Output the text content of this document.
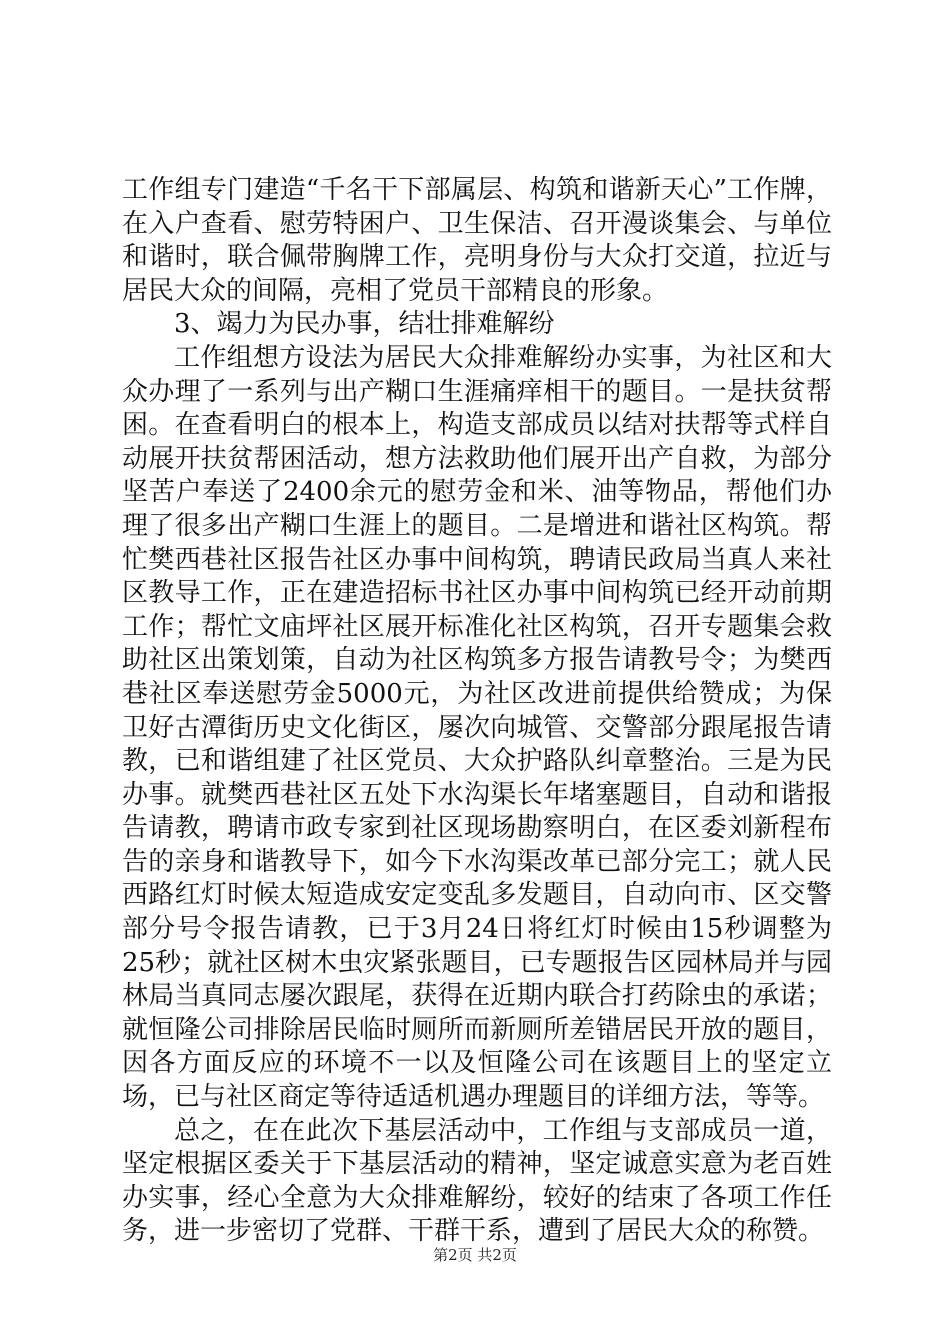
工作组专门建造“千名干下部属层、构筑和谐新天心”工作牌，在入户查看、慰劳特困户、卫生保洁、召开漫谈集会、与单位和谐时，联合佩带胸牌工作，亮明身份与大众打交道，拉近与居民大众的间隔，亮相了党员干部精良的形象。

3、竭力为民办事，结壮排难解纷

工作组想方设法为居民大众排难解纷办实事，为社区和大众办理了一系列与出产糊口生涯痛痒相干的题目。一是扶贫帮困。在查看明白的根本上，构造支部成员以结对扶帮等式样自动展开扶贫帮困活动，想方法救助他们展开出产自救，为部分坚苦户奉送了2400余元的慰劳金和米、油等物品，帮他们办理了很多出产糊口生涯上的题目。二是增进和谐社区构筑。帮忙樊西巷社区报告社区办事中间构筑，聘请民政局当真人来社区教导工作，正在建造招标书社区办事中间构筑已经开动前期工作；帮忙文庙坪社区展开标准化社区构筑，召开专题集会救助社区出策划策，自动为社区构筑多方报告请教号令；为樊西巷社区奉送慰劳金5000元，为社区改进前提供给赞成；为保卫好古潭街历史文化街区，屡次向城管、交警部分跟尾报告请教，已和谐组建了社区党员、大众护路队纠章整治。三是为民办事。就樊西巷社区五处下水沟渠长年堵塞题目，自动和谐报告请教，聘请市政专家到社区现场勘察明白，在区委刘新程布告的亲身和谐教导下，如今下水沟渠改革已部分完工；就人民西路红灯时候太短造成安定变乱多发题目，自动向市、区交警部分号令报告请教，已于3月24日将红灯时候由15秒调整为25秒；就社区树木虫灾紧张题目，已专题报告区园林局并与园林局当真同志屡次跟尾，获得在近期内联合打药除虫的承诺；就恒隆公司排除居民临时厕所而新厕所差错居民开放的题目，因各方面反应的环境不一以及恒隆公司在该题目上的坚定立场，已与社区商定等待适适机遇办理题目的详细方法，等等。

总之，在在此次下基层活动中，工作组与支部成员一道，坚定根据区委关于下基层活动的精神，坚定诚意实意为老百姓办实事，经心全意为大众排难解纷，较好的结束了各项工作任务，进一步密切了党群、干群干系，遭到了居民大众的称赞。

第2页 共2页
